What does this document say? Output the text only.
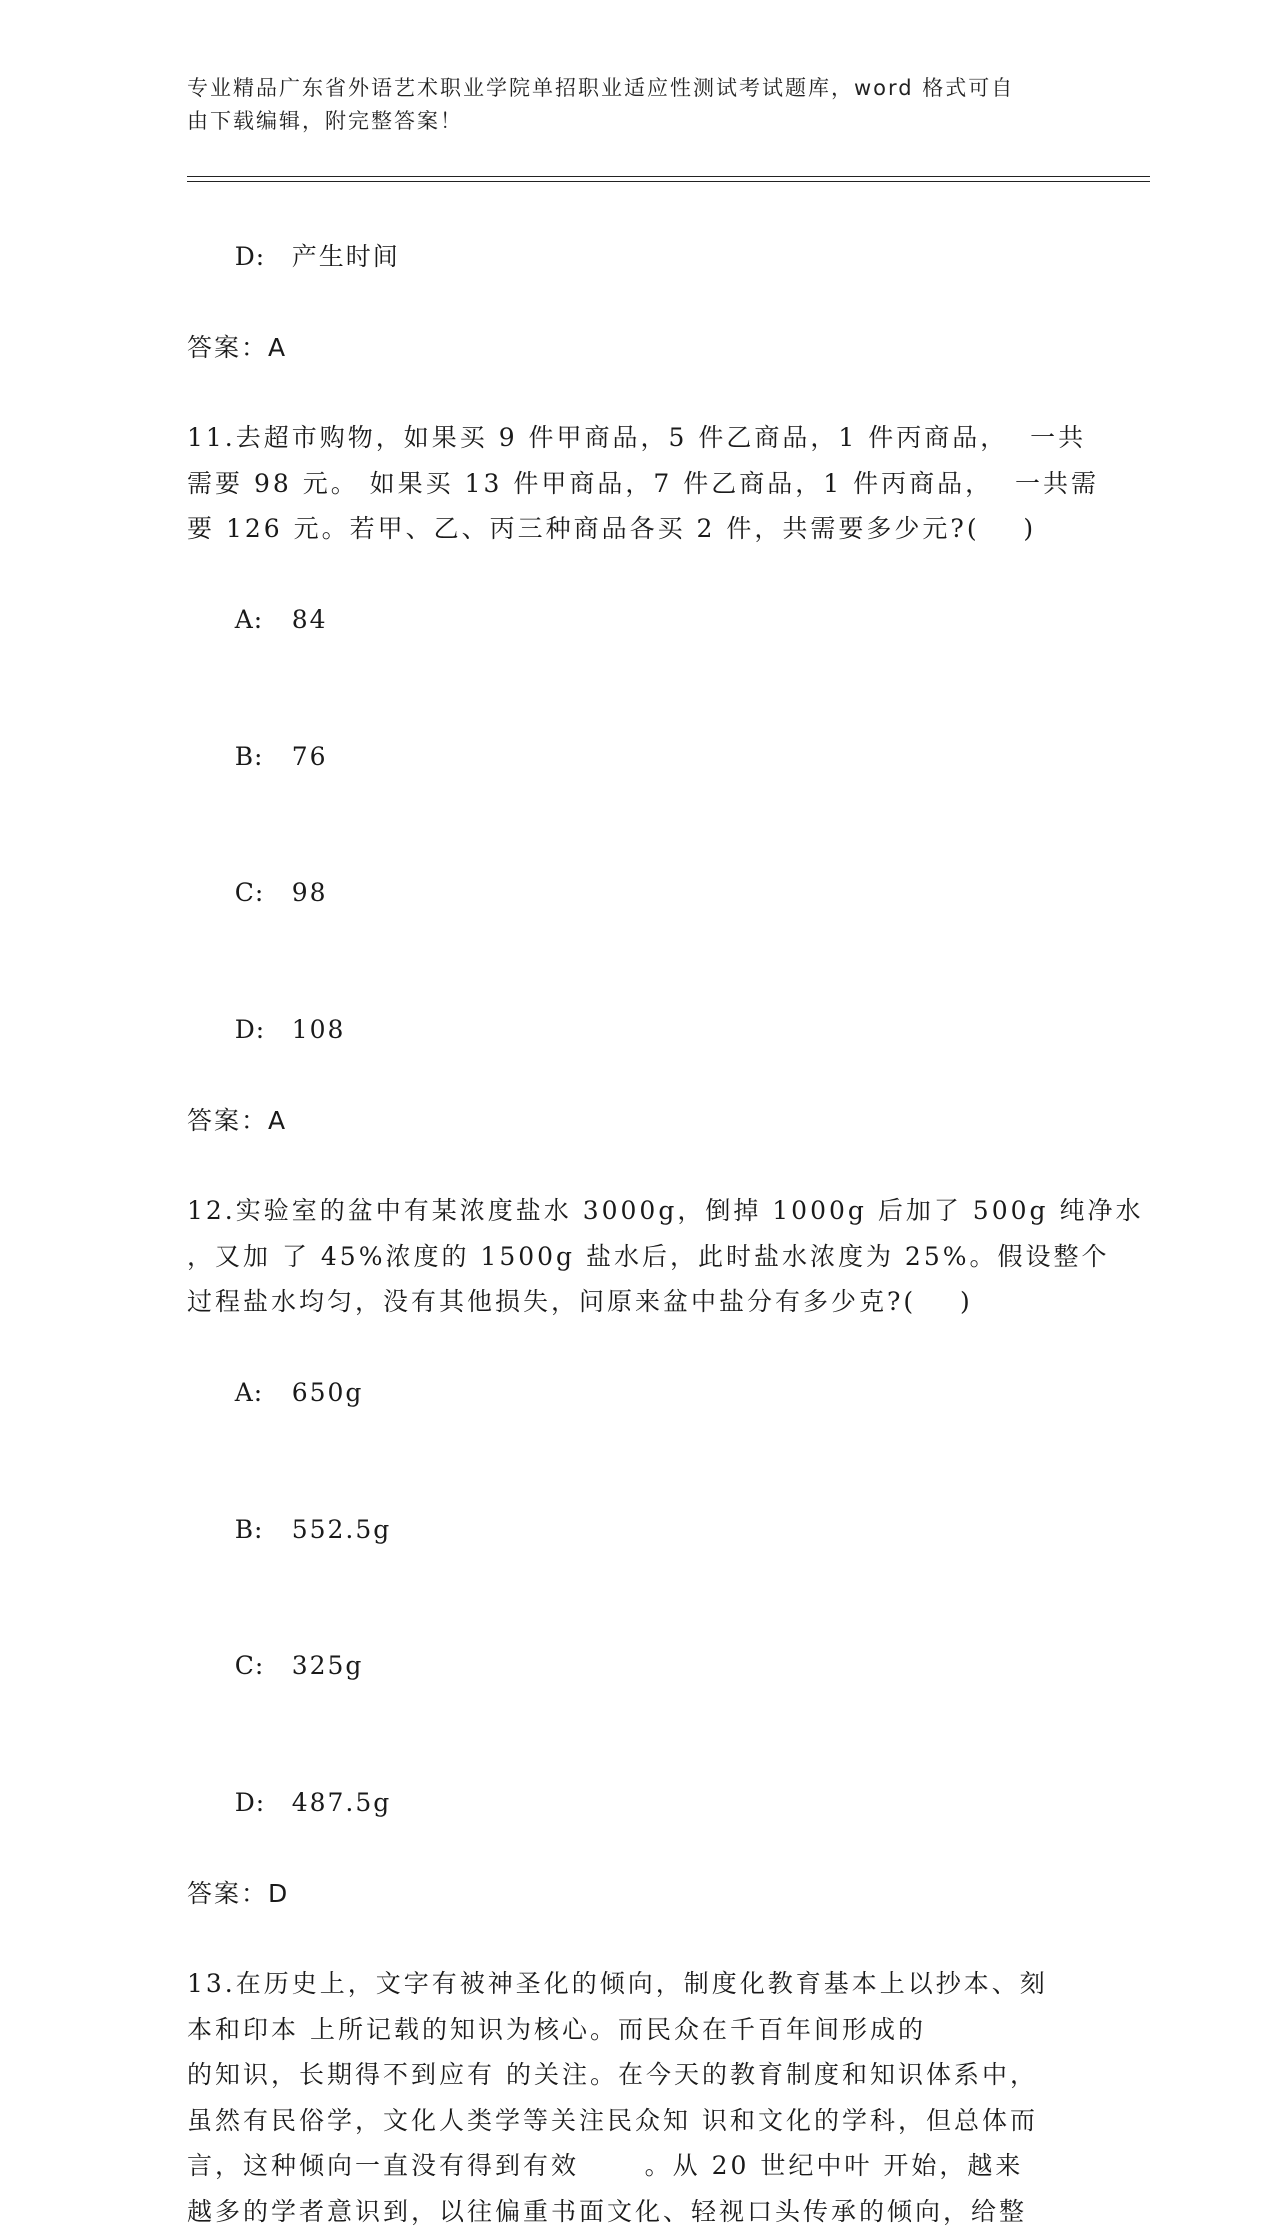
专业精品广东省外语艺术职业学院单招职业适应性测试考试题库，word 格式可自
由下载编辑，附完整答案！

D: 产生时间

答案：A
11.去超市购物，如果买 9 件甲商品，5 件乙商品，1 件丙商品，  一共
需要 98 元。 如果买 13 件甲商品，7 件乙商品，1 件丙商品，  一共需
要 126 元。若甲、乙、丙三种商品各买 2 件，共需要多少元?(    )

A: 84

B: 76

C: 98

D: 108

答案：A
12.实验室的盆中有某浓度盐水 3000g，倒掉 1000g 后加了 500g 纯净水
，又加 了 45%浓度的 1500g 盐水后，此时盐水浓度为 25%。假设整个
过程盐水均匀，没有其他损失，问原来盆中盐分有多少克?(    )

A: 650g

B: 552.5g

C: 325g

D: 487.5g

答案：D
13.在历史上，文字有被神圣化的倾向，制度化教育基本上以抄本、刻
本和印本 上所记载的知识为核心。而民众在千百年间形成的
的知识，长期得不到应有 的关注。在今天的教育制度和知识体系中，
虽然有民俗学，文化人类学等关注民众知 识和文化的学科，但总体而
言，这种倾向一直没有得到有效      。从 20 世纪中叶 开始，越来
越多的学者意识到，以往偏重书面文化、轻视口头传承的倾向，给整
